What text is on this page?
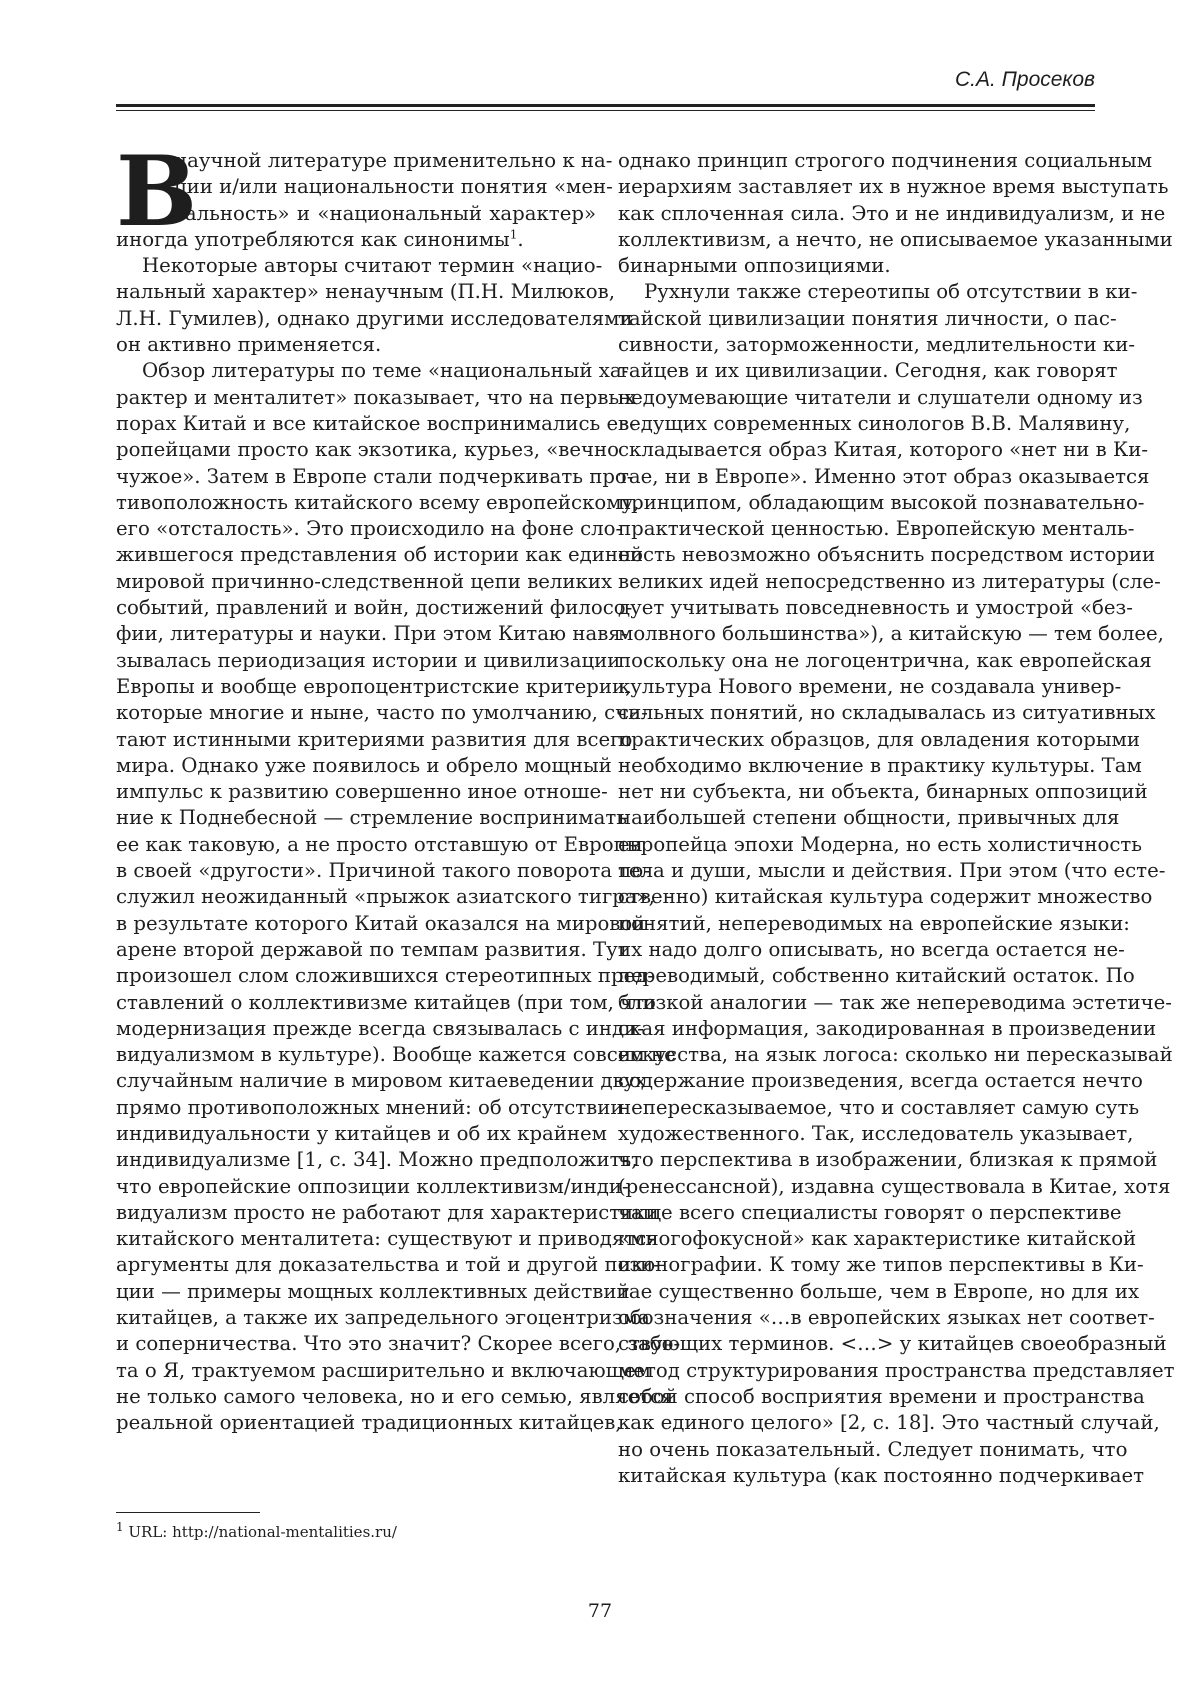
С.А. Просеков
В
научной литературе применительно к на-
ции и/или национальности понятия «мен-
тальность» и «национальный характер»
иногда употребляются как синонимы$^1$.
Некоторые авторы считают термин «нацио-
нальный характер» ненаучным (П.Н. Милюков,
Л.Н. Гумилев), однако другими исследователями
он активно применяется.
Обзор литературы по теме «национальный ха-
рактер и менталитет» показывает, что на первых
порах Китай и все китайское воспринимались ев-
ропейцами просто как экзотика, курьез, «вечно
чужое». Затем в Европе стали подчеркивать про-
тивоположность китайского всему европейскому,
его «отсталость». Это происходило на фоне сло-
жившегося представления об истории как единой
мировой причинно-следственной цепи великих
событий, правлений и войн, достижений филосо-
фии, литературы и науки. При этом Китаю навя-
зывалась периодизация истории и цивилизации
Европы и вообще европоцентристские критерии,
которые многие и ныне, часто по умолчанию, счи-
тают истинными критериями развития для всего
мира. Однако уже появилось и обрело мощный
импульс к развитию совершенно иное отноше-
ние к Поднебесной — стремление воспринимать
ее как таковую, а не просто отставшую от Европы
в своей «другости». Причиной такого поворота по-
служил неожиданный «прыжок азиатского тигра»,
в результате которого Китай оказался на мировой
арене второй державой по темпам развития. Тут
произошел слом сложившихся стереотипных пред-
ставлений о коллективизме китайцев (при том, что
модернизация прежде всегда связывалась с инди-
видуализмом в культуре). Вообще кажется совсем не
случайным наличие в мировом китаеведении двух
прямо противоположных мнений: об отсутствии
индивидуальности у китайцев и об их крайнем
индивидуализме [1, с. 34]. Можно предположить,
что европейские оппозиции коллективизм/инди-
видуализм просто не работают для характеристики
китайского менталитета: существуют и приводятся
аргументы для доказательства и той и другой пози-
ции — примеры мощных коллективных действий
китайцев, а также их запредельного эгоцентризма
и соперничества. Что это значит? Скорее всего, забо-
та о Я, трактуемом расширительно и включающем
не только самого человека, но и его семью, является
реальной ориентацией традиционных китайцев,
однако принцип строгого подчинения социальным
иерархиям заставляет их в нужное время выступать
как сплоченная сила. Это и не индивидуализм, и не
коллективизм, а нечто, не описываемое указанными
бинарными оппозициями.
Рухнули также стереотипы об отсутствии в ки-
тайской цивилизации понятия личности, о пас-
сивности, заторможенности, медлительности ки-
тайцев и их цивилизации. Сегодня, как говорят
недоумевающие читатели и слушатели одному из
ведущих современных синологов В.В. Малявину,
складывается образ Китая, которого «нет ни в Ки-
тае, ни в Европе». Именно этот образ оказывается
принципом, обладающим высокой познавательно-
практической ценностью. Европейскую менталь-
ность невозможно объяснить посредством истории
великих идей непосредственно из литературы (сле-
дует учитывать повседневность и умострой «без-
молвного большинства»), а китайскую — тем более,
поскольку она не логоцентрична, как европейская
культура Нового времени, не создавала универ-
сальных понятий, но складывалась из ситуативных
практических образцов, для овладения которыми
необходимо включение в практику культуры. Там
нет ни субъекта, ни объекта, бинарных оппозиций
наибольшей степени общности, привычных для
европейца эпохи Модерна, но есть холистичность
тела и души, мысли и действия. При этом (что есте-
ственно) китайская культура содержит множество
понятий, непереводимых на европейские языки:
их надо долго описывать, но всегда остается не-
переводимый, собственно китайский остаток. По
близкой аналогии — так же непереводима эстетиче-
ская информация, закодированная в произведении
искусства, на язык логоса: сколько ни пересказывай
содержание произведения, всегда остается нечто
непересказываемое, что и составляет самую суть
художественного. Так, исследователь указывает,
что перспектива в изображении, близкая к прямой
(ренессансной), издавна существовала в Китае, хотя
чаще всего специалисты говорят о перспективе
«многофокусной» как характеристике китайской
иконографии. К тому же типов перспективы в Ки-
тае существенно больше, чем в Европе, но для их
обозначения «…в европейских языках нет соответ-
ствующих терминов. <…> у китайцев своеобразный
метод структурирования пространства представляет
собой способ восприятия времени и пространства
как единого целого» [2, с. 18]. Это частный случай,
но очень показательный. Следует понимать, что
китайская культура (как постоянно подчеркивает
$^1$ URL: http://national-mentalities.ru/
77
